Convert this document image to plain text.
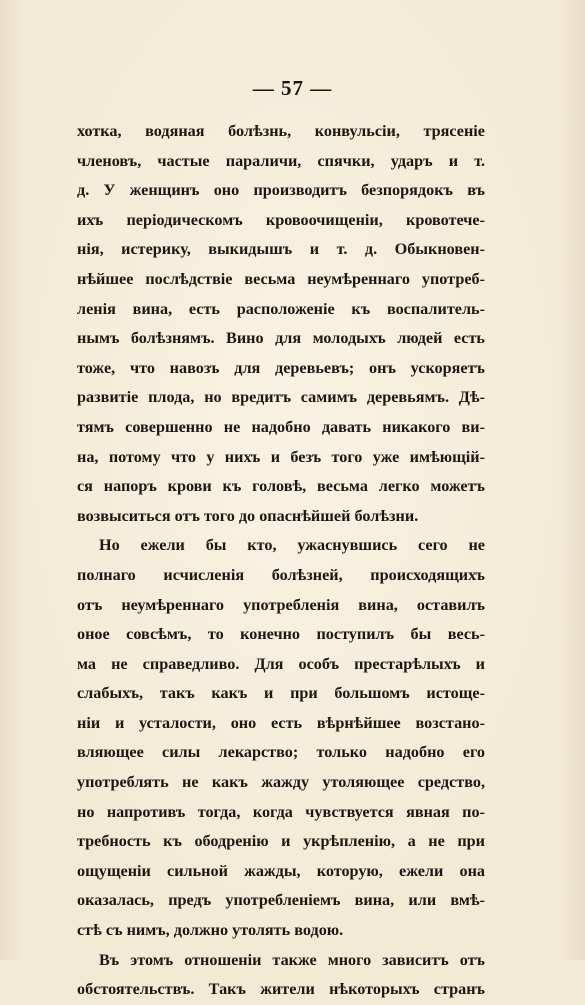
— 57 —
хотка, водяная болѣзнь, конвульсіи, трясеніе
членовъ, частые параличи, спячки, ударъ и т.
д. У женщинъ оно производитъ безпорядокъ въ
ихъ періодическомъ кровоочищеніи, кровотече-
нія, истерику, выкидышъ и т. д. Обыкновен-
нѣйшее послѣдствіе весьма неумѣреннаго употреб-
ленія вина, есть расположеніе къ воспалитель-
нымъ болѣзнямъ. Вино для молодыхъ людей есть
тоже, что навозъ для деревьевъ; онъ ускоряетъ
развитіе плода, но вредитъ самимъ деревьямъ. Дѣ-
тямъ совершенно не надобно давать никакого ви-
на, потому что у нихъ и безъ того уже имѣющій-
ся напоръ крови къ головѣ, весьма легко можетъ
возвыситься отъ того до опаснѣйшей болѣзни.
Но ежели бы кто, ужаснувшись сего не
полнаго исчисленія болѣзней, происходящихъ
отъ неумѣреннаго употребленія вина, оставилъ
оное совсѣмъ, то конечно поступилъ бы весь-
ма не справедливо. Для особъ престарѣлыхъ и
слабыхъ, такъ какъ и при большомъ истоще-
ніи и усталости, оно есть вѣрнѣйшее возстано-
вляющее силы лекарство; только надобно его
употреблять не какъ жажду утоляющее средство,
но напротивъ тогда, когда чувствуется явная по-
требность къ ободренію и укрѣпленію, а не при
ощущеніи сильной жажды, которую, ежели она
оказалась, предъ употребленіемъ вина, или вмѣ-
стѣ съ нимъ, должно утолять водою.
Въ этомъ отношеніи также много зависитъ отъ
обстоятельствъ. Такъ жители нѣкоторыхъ странъ
